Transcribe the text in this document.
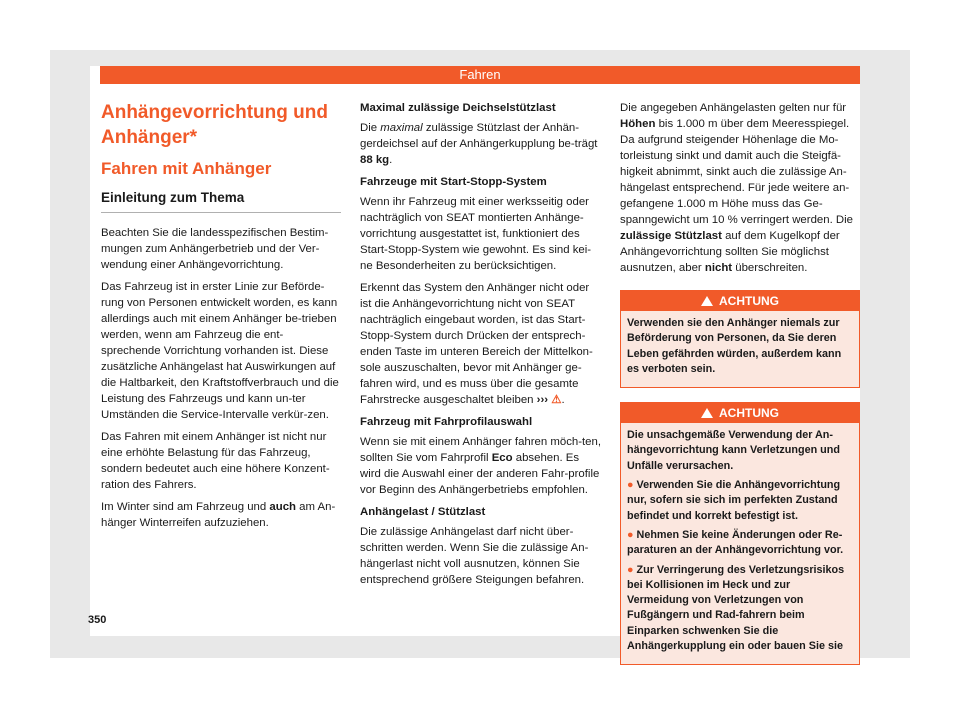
Fahren
Anhängevorrichtung und Anhänger*
Fahren mit Anhänger
Einleitung zum Thema

Beachten Sie die landesspezifischen Bestim-mungen zum Anhängerbetrieb und der Ver-wendung einer Anhängevorrichtung.

Das Fahrzeug ist in erster Linie zur Beförde-rung von Personen entwickelt worden, es kann allerdings auch mit einem Anhänger be-trieben werden, wenn am Fahrzeug die ent-sprechende Vorrichtung vorhanden ist. Diese zusätzliche Anhängelast hat Auswirkungen auf die Haltbarkeit, den Kraftstoffverbrauch und die Leistung des Fahrzeugs und kann un-ter Umständen die Service-Intervalle verkür-zen.

Das Fahren mit einem Anhänger ist nicht nur eine erhöhte Belastung für das Fahrzeug, sondern bedeutet auch eine höhere Konzent-ration des Fahrers.

Im Winter sind am Fahrzeug und auch am An-hänger Winterreifen aufzuziehen.

Maximal zulässige Deichselstützlast

Die maximal zulässige Stützlast der Anhän-gerdeichsel auf der Anhängerkupplung be-trägt 88 kg.

Fahrzeuge mit Start-Stopp-System

Wenn ihr Fahrzeug mit einer werksseitig oder nachträglich von SEAT montierten Anhänge-vorrichtung ausgestattet ist, funktioniert des Start-Stopp-System wie gewohnt. Es sind kei-ne Besonderheiten zu berücksichtigen.

Erkennt das System den Anhänger nicht oder ist die Anhängevorrichtung nicht von SEAT nachträglich eingebaut worden, ist das Start-Stopp-System durch Drücken der entsprech-enden Taste im unteren Bereich der Mittelkon-sole auszuschalten, bevor mit Anhänger ge-fahren wird, und es muss über die gesamte Fahrstrecke ausgeschaltet bleiben ››› ⚠.

Fahrzeug mit Fahrprofilauswahl

Wenn sie mit einem Anhänger fahren möch-ten, sollten Sie vom Fahrprofil Eco absehen. Es wird die Auswahl einer der anderen Fahr-profile vor Beginn des Anhängerbetriebs empfohlen.

Anhängelast / Stützlast

Die zulässige Anhängelast darf nicht über-schritten werden. Wenn Sie die zulässige An-hängerlast nicht voll ausnutzen, können Sie entsprechend größere Steigungen befahren.

Die angegeben Anhängelasten gelten nur für Höhen bis 1.000 m über dem Meeresspiegel. Da aufgrund steigender Höhenlage die Mo-torleistung sinkt und damit auch die Steigfä-higkeit abnimmt, sinkt auch die zulässige An-hängelast entsprechend. Für jede weitere an-gefangene 1.000 m Höhe muss das Ge-spanngewicht um 10 % verringert werden. Die zulässige Stützlast auf dem Kugelkopf der Anhängevorrichtung sollten Sie möglichst ausnutzen, aber nicht überschreiten.

ACHTUNG

Verwenden sie den Anhänger niemals zur Beförderung von Personen, da Sie deren Leben gefährden würden, außerdem kann es verboten sein.

ACHTUNG

Die unsachgemäße Verwendung der An-hängevorrichtung kann Verletzungen und Unfälle verursachen.

● Verwenden Sie die Anhängevorrichtung nur, sofern sie sich im perfekten Zustand befindet und korrekt befestigt ist.

● Nehmen Sie keine Änderungen oder Re-paraturen an der Anhängevorrichtung vor.

● Zur Verringerung des Verletzungsrisikos bei Kollisionen im Heck und zur Vermeidung von Verletzungen von Fußgängern und Rad-fahrern beim Einparken schwenken Sie die Anhängerkupplung ein oder bauen Sie sie

350
